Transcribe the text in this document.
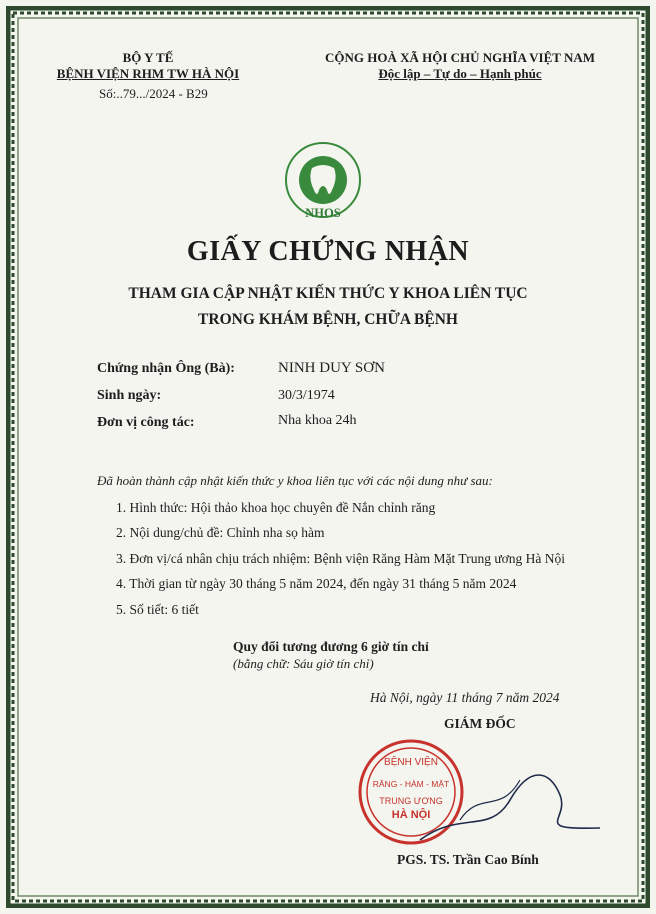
BỘ Y TẾ
BỆNH VIỆN RHM TW HÀ NỘI
Số:..79.../2024 - B29
CỘNG HOÀ XÃ HỘI CHỦ NGHĨA VIỆT NAM
Độc lập – Tự do – Hạnh phúc
NHOS
GIẤY CHỨNG NHẬN
THAM GIA CẬP NHẬT KIẾN THỨC Y KHOA LIÊN TỤC
TRONG KHÁM BỆNH, CHỮA BỆNH
Chứng nhận Ông (Bà):	NINH DUY SƠN
Sinh ngày:	30/3/1974
Đơn vị công tác:	Nha khoa 24h
Đã hoàn thành cập nhật kiến thức y khoa liên tục với các nội dung như sau:
1. Hình thức: Hội thảo khoa học chuyên đề Nắn chỉnh răng
2. Nội dung/chủ đề: Chỉnh nha sọ hàm
3. Đơn vị/cá nhân chịu trách nhiệm: Bệnh viện Răng Hàm Mặt Trung ương Hà Nội
4. Thời gian từ ngày 30 tháng 5 năm 2024, đến ngày 31 tháng 5 năm 2024
5. Số tiết: 6 tiết
Quy đổi tương đương 6 giờ tín chỉ
(bằng chữ: Sáu giờ tín chỉ)
Hà Nội, ngày 11 tháng 7 năm 2024
GIÁM ĐỐC
BỆNH VIỆN
RĂNG - HÀM - MẶT
TRUNG ƯƠNG
HÀ NỘI
PGS. TS. Trần Cao Bính
